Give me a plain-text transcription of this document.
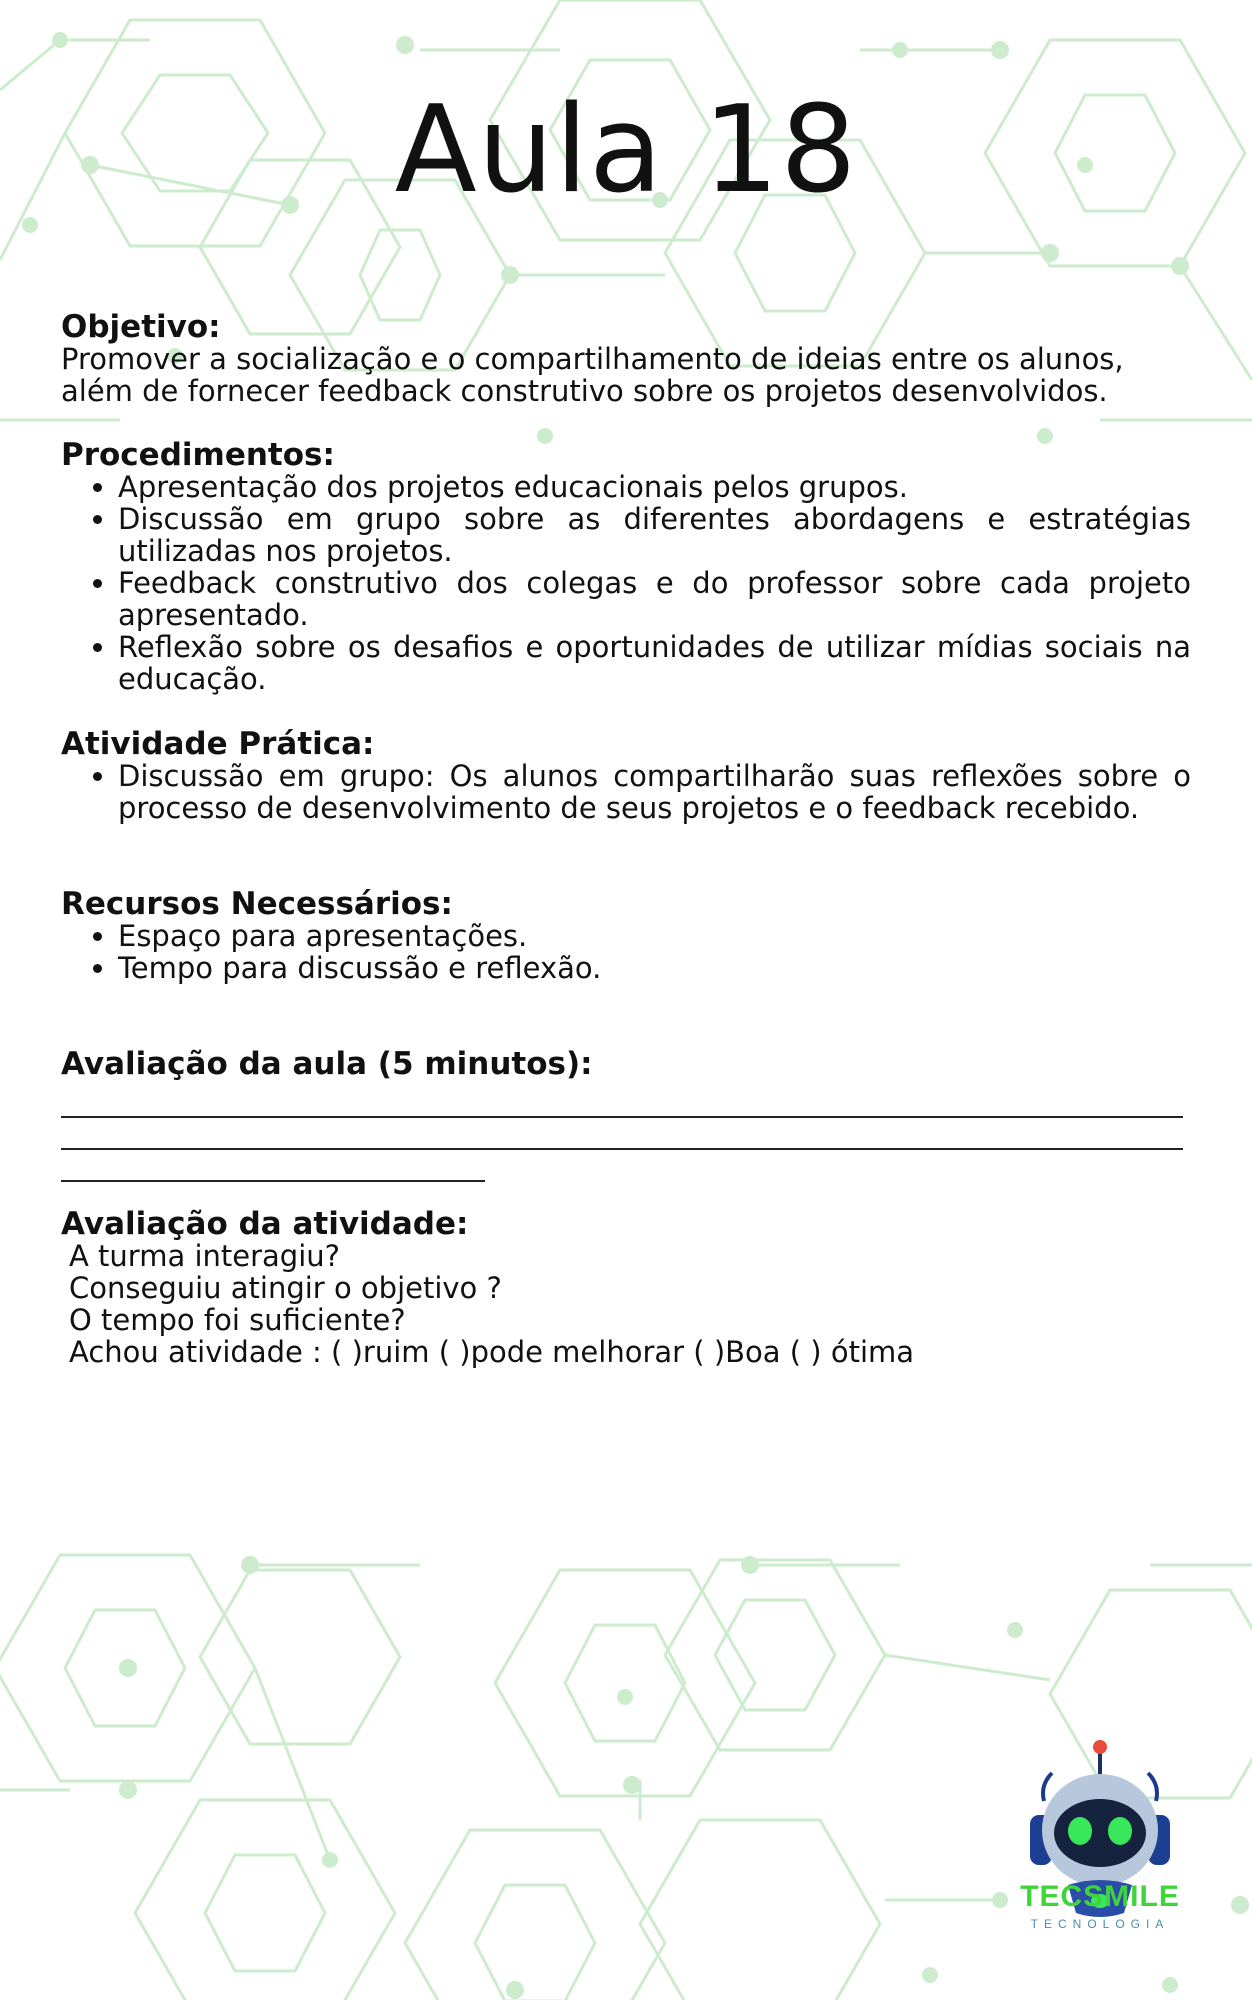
Aula 18

Objetivo:

Promover a socialização e o compartilhamento de ideias entre os alunos, além de fornecer feedback construtivo sobre os projetos desenvolvidos.

Procedimentos:

• Apresentação dos projetos educacionais pelos grupos.
• Discussão em grupo sobre as diferentes abordagens e estratégias utilizadas nos projetos.
• Feedback construtivo dos colegas e do professor sobre cada projeto apresentado.
• Reflexão sobre os desafios e oportunidades de utilizar mídias sociais na educação.

Atividade Prática:

• Discussão em grupo: Os alunos compartilharão suas reflexões sobre o processo de desenvolvimento de seus projetos e o feedback recebido.

Recursos Necessários:

• Espaço para apresentações.
• Tempo para discussão e reflexão.

Avaliação da aula (5 minutos):

Avaliação da atividade:

A turma interagiu?

Conseguiu atingir o objetivo ?

O tempo foi suficiente?

Achou atividade : ( )ruim ( )pode melhorar ( )Boa ( ) ótima

TECSMILE
TECNOLOGIA
